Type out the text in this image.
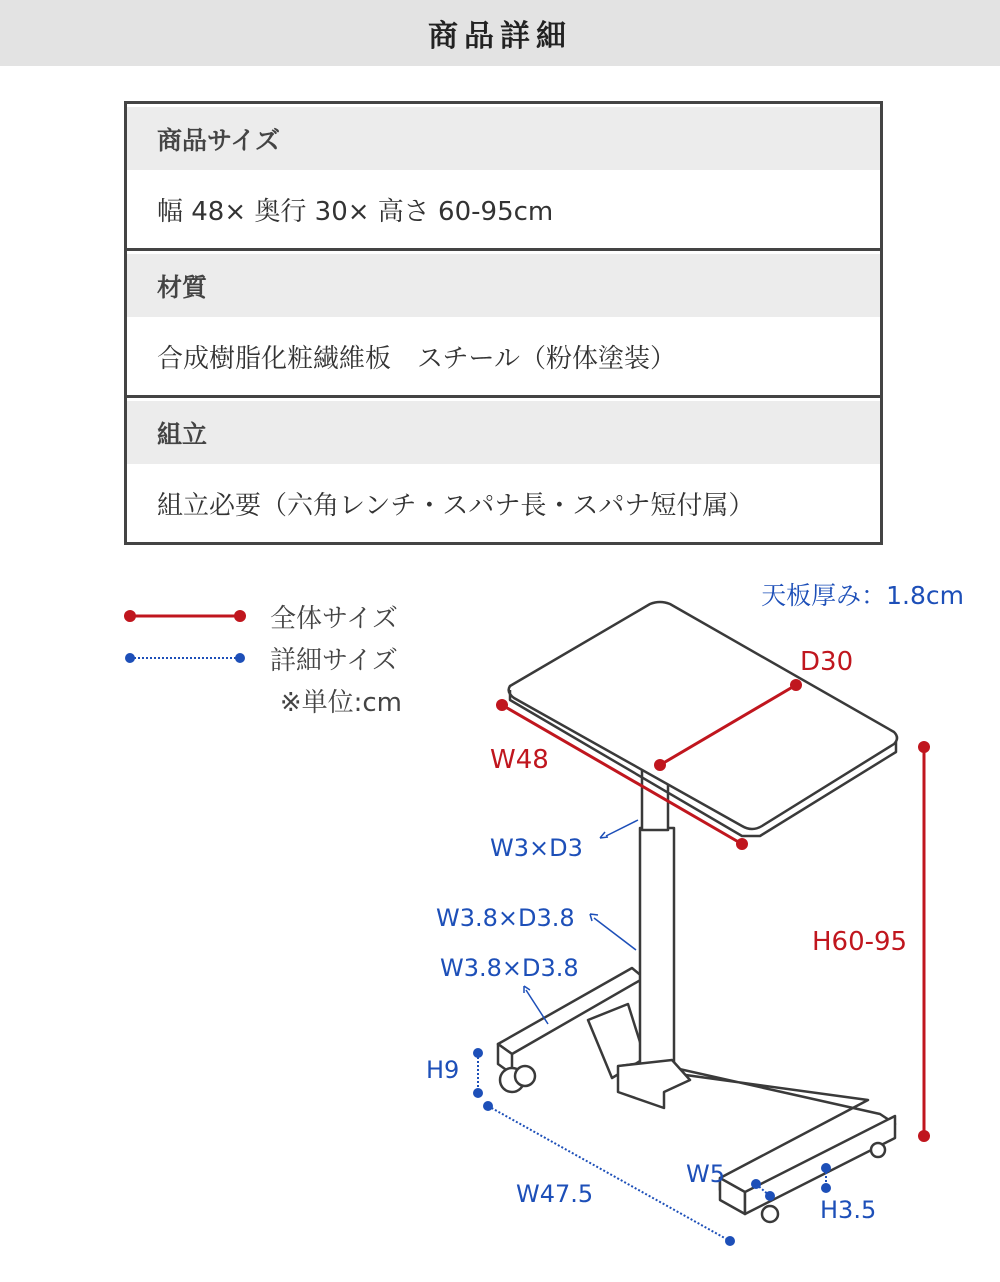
商品詳細
商品サイズ
幅 48× 奥行 30× 高さ 60-95cm
材質
合成樹脂化粧繊維板　スチール（粉体塗装）
組立
組立必要（六角レンチ・スパナ長・スパナ短付属）
全体サイズ
詳細サイズ
※単位:cm
天板厚み：1.8cm
D30
W48
H60-95
W3×D3
W3.8×D3.8
W3.8×D3.8
H9
W47.5
W5
H3.5
